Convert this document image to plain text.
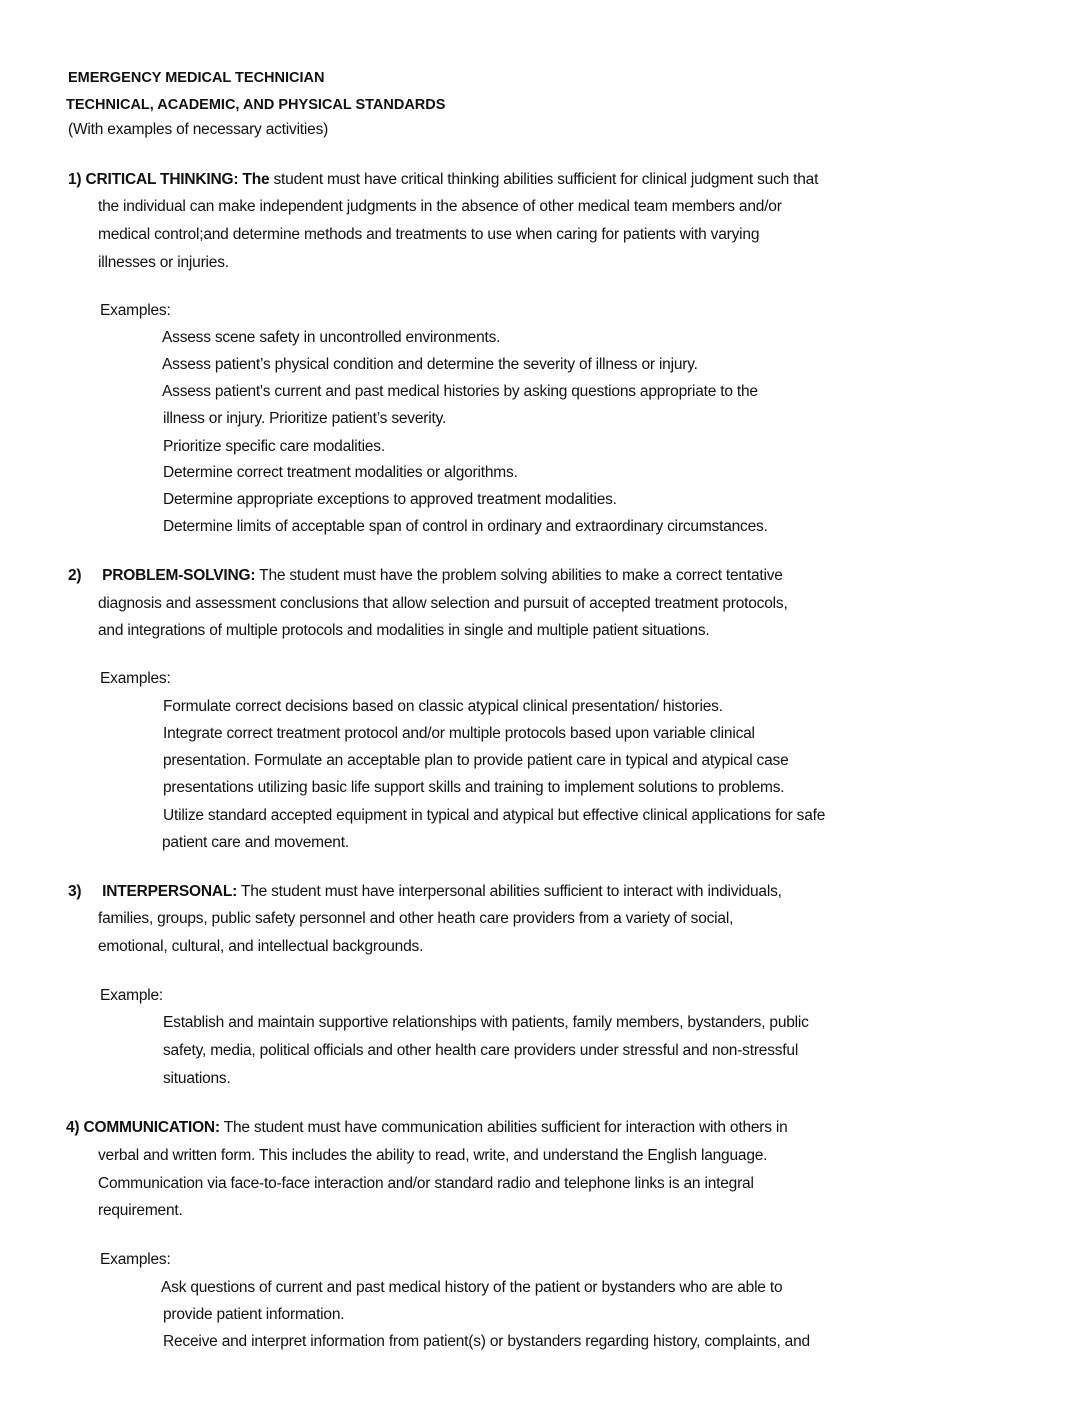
EMERGENCY MEDICAL TECHNICIAN
TECHNICAL, ACADEMIC, AND PHYSICAL STANDARDS
(With examples of necessary activities)
1) CRITICAL THINKING: The student must have critical thinking abilities sufficient for clinical judgment such that
the individual can make independent judgments in the absence of other medical team members and/or
medical control;and determine methods and treatments to use when caring for patients with varying
illnesses or injuries.
Examples:
Assess scene safety in uncontrolled environments.
Assess patient’s physical condition and determine the severity of illness or injury.
Assess patient's current and past medical histories by asking questions appropriate to the
illness or injury. Prioritize patient’s severity.
Prioritize specific care modalities.
Determine correct treatment modalities or algorithms.
Determine appropriate exceptions to approved treatment modalities.
Determine limits of acceptable span of control in ordinary and extraordinary circumstances.
2) PROBLEM-SOLVING: The student must have the problem solving abilities to make a correct tentative
diagnosis and assessment conclusions that allow selection and pursuit of accepted treatment protocols,
and integrations of multiple protocols and modalities in single and multiple patient situations.
Examples:
Formulate correct decisions based on classic atypical clinical presentation/ histories.
Integrate correct treatment protocol and/or multiple protocols based upon variable clinical
presentation. Formulate an acceptable plan to provide patient care in typical and atypical case
presentations utilizing basic life support skills and training to implement solutions to problems.
Utilize standard accepted equipment in typical and atypical but effective clinical applications for safe
patient care and movement.
3) INTERPERSONAL: The student must have interpersonal abilities sufficient to interact with individuals,
families, groups, public safety personnel and other heath care providers from a variety of social,
emotional, cultural, and intellectual backgrounds.
Example:
Establish and maintain supportive relationships with patients, family members, bystanders, public
safety, media, political officials and other health care providers under stressful and non-stressful
situations.
4) COMMUNICATION: The student must have communication abilities sufficient for interaction with others in
verbal and written form. This includes the ability to read, write, and understand the English language.
Communication via face-to-face interaction and/or standard radio and telephone links is an integral
requirement.
Examples:
Ask questions of current and past medical history of the patient or bystanders who are able to
provide patient information.
Receive and interpret information from patient(s) or bystanders regarding history, complaints, and
